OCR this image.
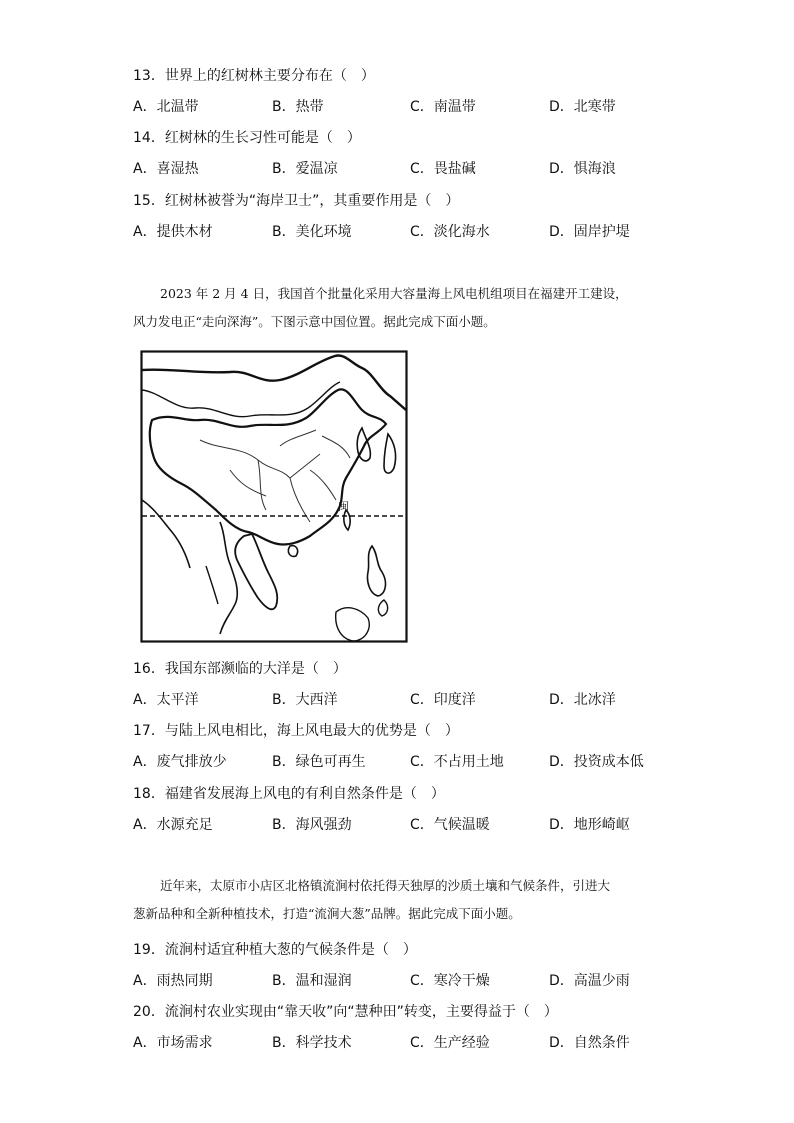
13．世界上的红树林主要分布在（　）
A．北温带	B．热带	C．南温带	D．北寒带
14．红树林的生长习性可能是（　）
A．喜湿热	B．爱温凉	C．畏盐碱	D．惧海浪
15．红树林被誉为“海岸卫士”，其重要作用是（　）
A．提供木材	B．美化环境	C．淡化海水	D．固岸护堤
2023 年 2 月 4 日，我国首个批量化采用大容量海上风电机组项目在福建开工建设，
风力发电正“走向深海”。下图示意中国位置。据此完成下面小题。
闽
16．我国东部濒临的大洋是（　）
A．太平洋	B．大西洋	C．印度洋	D．北冰洋
17．与陆上风电相比，海上风电最大的优势是（　）
A．废气排放少	B．绿色可再生	C．不占用土地	D．投资成本低
18．福建省发展海上风电的有利自然条件是（　）
A．水源充足	B．海风强劲	C．气候温暖	D．地形崎岖
近年来，太原市小店区北格镇流涧村依托得天独厚的沙质土壤和气候条件，引进大
葱新品种和全新种植技术，打造“流涧大葱”品牌。据此完成下面小题。
19．流涧村适宜种植大葱的气候条件是（　）
A．雨热同期	B．温和湿润	C．寒冷干燥	D．高温少雨
20．流涧村农业实现由“靠天收”向“慧种田”转变，主要得益于（　）
A．市场需求	B．科学技术	C．生产经验	D．自然条件
